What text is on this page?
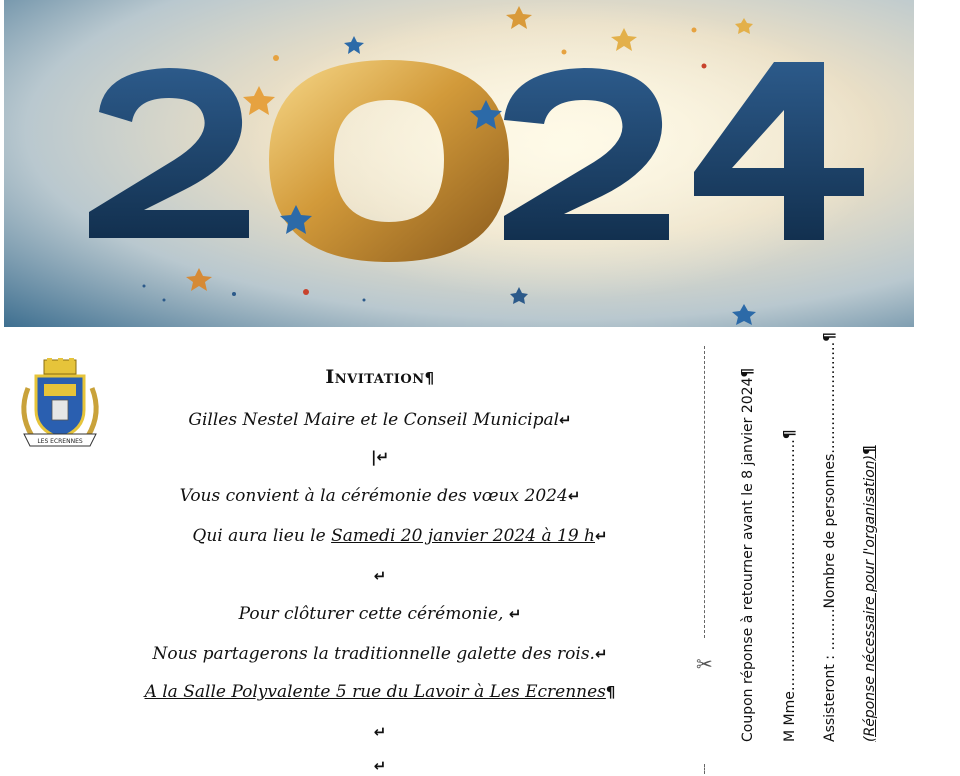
LES ECRENNES
Invitation¶
Gilles Nestel Maire et le Conseil Municipal↵
|↵
Vous convient à la cérémonie des vœux 2024↵
Qui aura lieu le Samedi 20 janvier 2024 à 19 h↵
↵
Pour clôturer cette cérémonie, ↵
Nous partagerons la traditionnelle galette des rois.↵
A la Salle Polyvalente 5 rue du Lavoir à Les Ecrennes¶
↵
↵
✂ Coupon réponse à retourner avant le 8 janvier 2024¶
M Mme………………………………………………¶ Assisteront : ………Nombre de personnes……………………¶
(Réponse nécessaire pour l'organisation)¶
